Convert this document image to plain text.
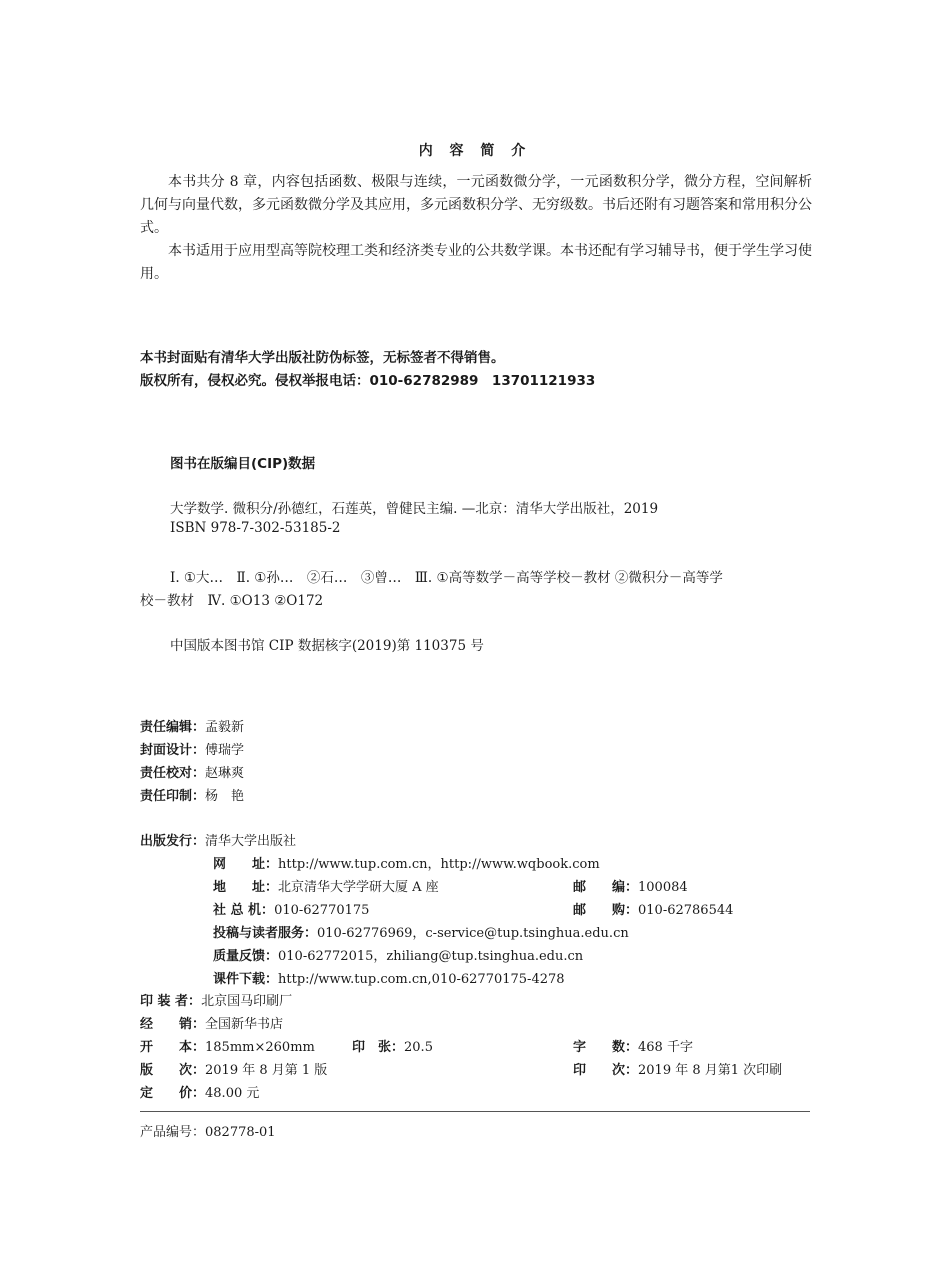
内 容 简 介

本书共分 8 章，内容包括函数、极限与连续，一元函数微分学，一元函数积分学，微分方程，空间解析几何与向量代数，多元函数微分学及其应用，多元函数积分学、无穷级数。书后还附有习题答案和常用积分公式。

本书适用于应用型高等院校理工类和经济类专业的公共数学课。本书还配有学习辅导书，便于学生学习使用。

本书封面贴有清华大学出版社防伪标签，无标签者不得销售。
版权所有，侵权必究。侵权举报电话：010-62782989　13701121933
图书在版编目(CIP)数据
大学数学. 微积分/孙德红，石莲英，曾健民主编. —北京：清华大学出版社，2019
ISBN 978-7-302-53185-2
Ⅰ. ①大…　Ⅱ. ①孙…　②石…　③曾…　Ⅲ. ①高等数学－高等学校－教材 ②微积分－高等学
校－教材　Ⅳ. ①O13 ②O172
中国版本图书馆 CIP 数据核字(2019)第 110375 号
责任编辑：孟毅新
封面设计：傅瑞学
责任校对：赵琳爽
责任印制：杨　艳
出版发行：清华大学出版社
网　　址：http://www.tup.com.cn，http://www.wqbook.com
地　　址：北京清华大学学研大厦 A 座	邮　　编：100084
社 总 机：010-62770175	邮　　购：010-62786544
投稿与读者服务：010-62776969，c-service@tup.tsinghua.edu.cn
质量反馈：010-62772015，zhiliang@tup.tsinghua.edu.cn
课件下载：http://www.tup.com.cn,010-62770175-4278
印 装 者：北京国马印刷厂
经　　销：全国新华书店
开　　本：185mm×260mm	印　张：20.5	字　　数：468 千字
版　　次：2019 年 8 月第 1 版	印　　次：2019 年 8 月第1 次印刷
定　　价：48.00 元
产品编号：082778-01
